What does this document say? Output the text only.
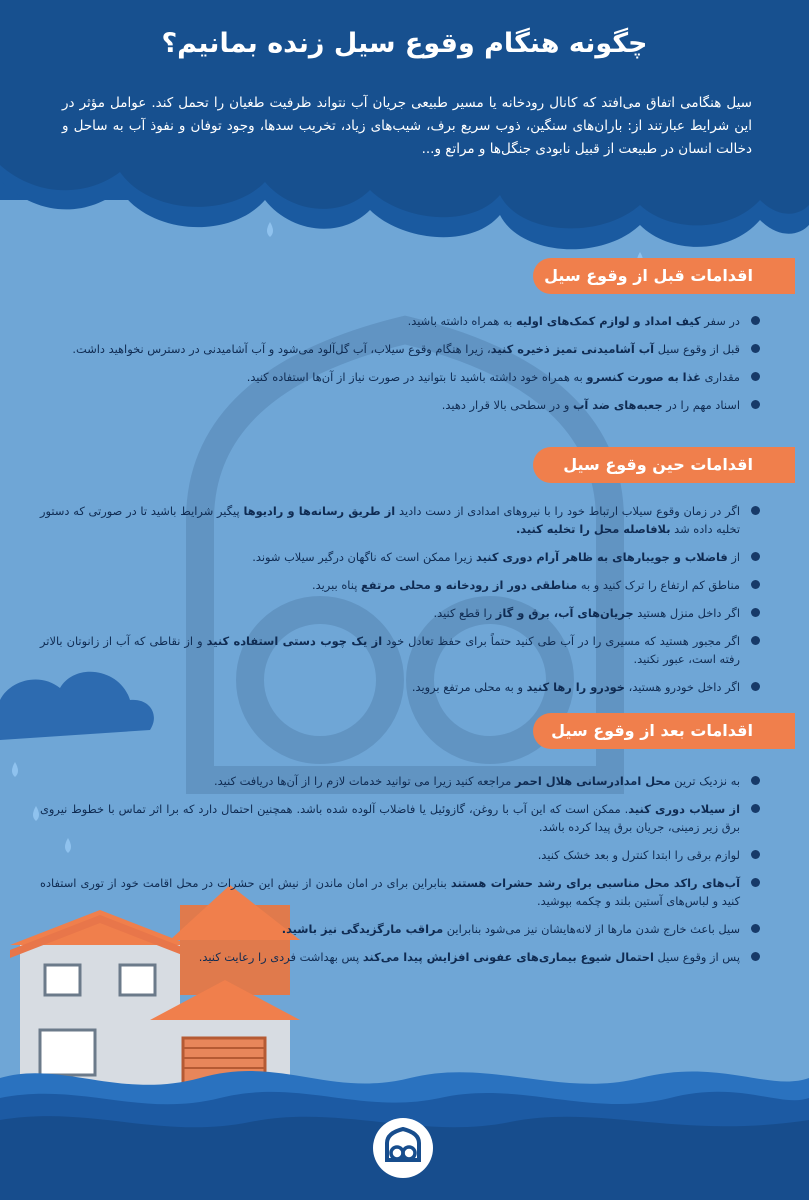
چگونه هنگام وقوع سیل زنده بمانیم؟

سیل هنگامی اتفاق می‌افتد که کانال رودخانه یا مسیر طبیعی جریان آب نتواند ظرفیت طغیان را تحمل کند. عوامل مؤثر در این شرایط عبارتند از: باران‌های سنگین، ذوب سریع برف، شیب‌های زیاد، تخریب سدها، وجود توفان و نفوذ آب به ساحل و دخالت انسان در طبیعت از قبیل نابودی جنگل‌ها و مراتع و...

اقدامات قبل از وقوع سیل
در سفر کیف امداد و لوازم کمک‌های اولیه به همراه داشته باشید.
قبل از وقوع سیل آب آشامیدنی تمیز ذخیره کنید، زیرا هنگام وقوع سیلاب، آب گل‌آلود می‌شود و آب آشامیدنی در دسترس نخواهید داشت.
مقداری غذا به صورت کنسرو به همراه خود داشته باشید تا بتوانید در صورت نیاز از آن‌ها استفاده کنید.
اسناد مهم را در جعبه‌های ضد آب و در سطحی بالا قرار دهید.
اقدامات حین وقوع سیل
اگر در زمان وقوع سیلاب ارتباط خود را با نیروهای امدادی از دست دادید از طریق رسانه‌ها و رادیوها پیگیر شرایط باشید تا در صورتی که دستور تخلیه داده شد بلافاصله محل را تخلیه کنید.
از فاضلاب و جویبارهای به ظاهر آرام دوری کنید زیرا ممکن است که ناگهان درگیر سیلاب شوند.
مناطق کم ارتفاع را ترک کنید و به مناطقی دور از رودخانه و محلی مرتفع پناه ببرید.
اگر داخل منزل هستید جریان‌های آب، برق و گاز را قطع کنید.
اگر مجبور هستید که مسیری را در آب طی کنید حتماً برای حفظ تعادل خود از یک چوب دستی استفاده کنید و از نقاطی که آب از زانوتان بالاتر رفته است، عبور نکنید.
اگر داخل خودرو هستید، خودرو را رها کنید و به محلی مرتفع بروید.
اقدامات بعد از وقوع سیل
به نزدیک ترین محل امدادرسانی هلال احمر مراجعه کنید زیرا می توانید خدمات لازم را از آن‌ها دریافت کنید.
از سیلاب دوری کنید. ممکن است که این آب با روغن، گازوئیل یا فاضلاب آلوده شده باشد. همچنین احتمال دارد که برا اثر تماس با خطوط نیروی برق زیر زمینی، جریان برق پیدا کرده باشد.
لوازم برقی را ابتدا کنترل و بعد خشک کنید.
آب‌های راکد محل مناسبی برای رشد حشرات هستند بنابراین برای در امان ماندن از نیش این حشرات در محل اقامت خود از توری استفاده کنید و لباس‌های آستین بلند و چکمه بپوشید.
سیل باعث خارج شدن مارها از لانه‌هایشان نیز می‌شود بنابراین مراقب مارگزیدگی نیز باشید.
پس از وقوع سیل احتمال شیوع بیماری‌های عفونی افزایش پیدا می‌کند پس بهداشت فردی را رعایت کنید.
